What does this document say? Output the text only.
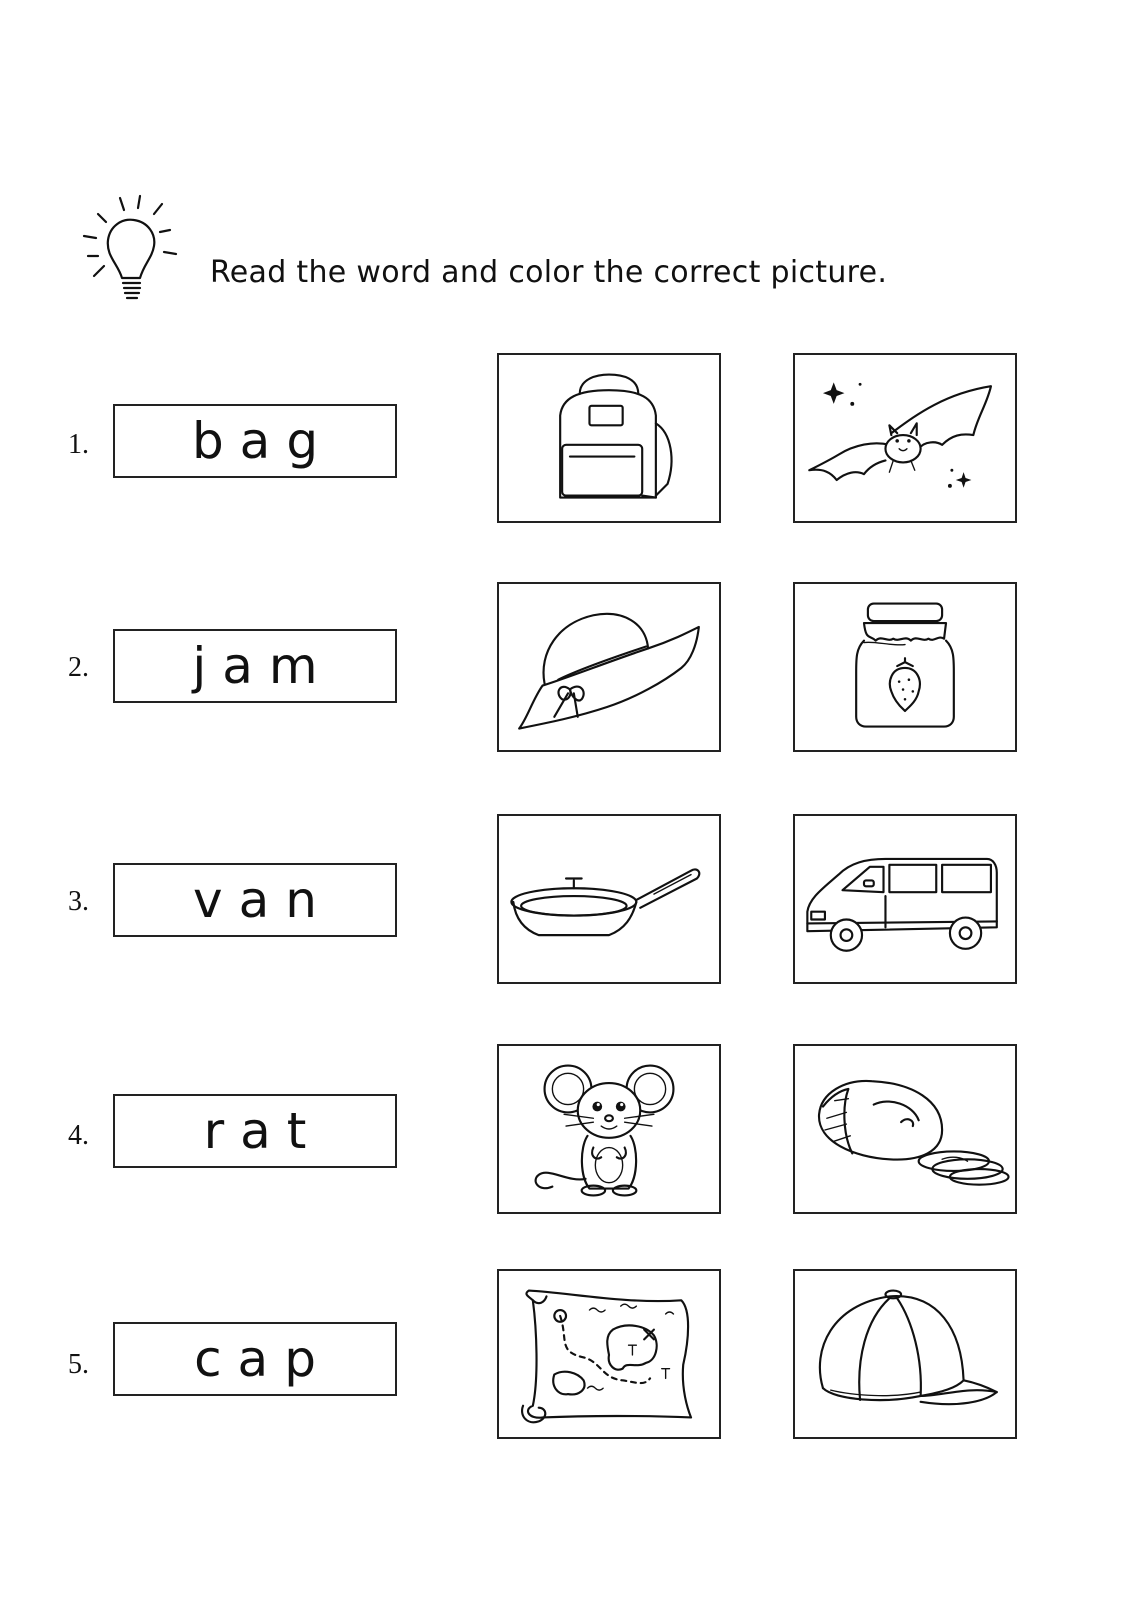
Read the word and color the correct picture.
1.	bag
2.	jam
3.	van
4.	rat
5.	cap
